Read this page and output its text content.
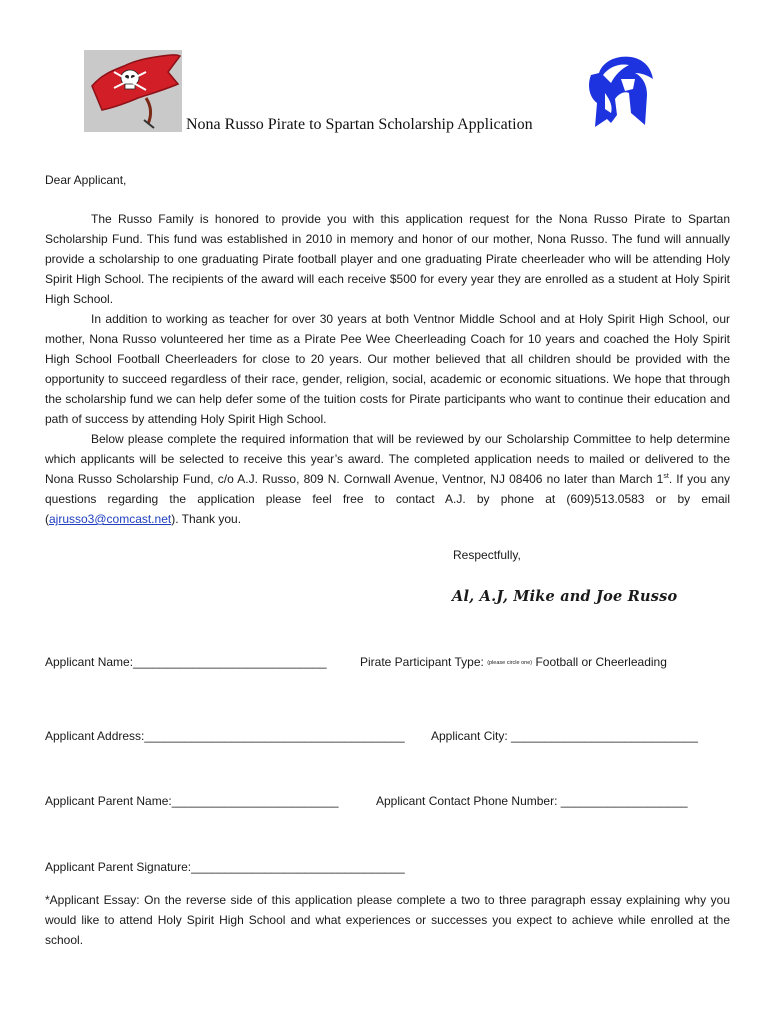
Nona Russo Pirate to Spartan Scholarship Application

Dear Applicant,

The Russo Family is honored to provide you with this application request for the Nona Russo Pirate to Spartan Scholarship Fund. This fund was established in 2010 in memory and honor of our mother, Nona Russo. The fund will annually provide a scholarship to one graduating Pirate football player and one graduating Pirate cheerleader who will be attending Holy Spirit High School. The recipients of the award will each receive $500 for every year they are enrolled as a student at Holy Spirit High School.

In addition to working as teacher for over 30 years at both Ventnor Middle School and at Holy Spirit High School, our mother, Nona Russo volunteered her time as a Pirate Pee Wee Cheerleading Coach for 10 years and coached the Holy Spirit High School Football Cheerleaders for close to 20 years. Our mother believed that all children should be provided with the opportunity to succeed regardless of their race, gender, religion, social, academic or economic situations. We hope that through the scholarship fund we can help defer some of the tuition costs for Pirate participants who want to continue their education and path of success by attending Holy Spirit High School.

Below please complete the required information that will be reviewed by our Scholarship Committee to help determine which applicants will be selected to receive this year’s award. The completed application needs to mailed or delivered to the Nona Russo Scholarship Fund, c/o A.J. Russo, 809 N. Cornwall Avenue, Ventnor, NJ 08406 no later than March 1st. If you any questions regarding the application please feel free to contact A.J. by phone at (609)513.0583 or by email (ajrusso3@comcast.net). Thank you.

Respectfully,
Al, A.J, Mike and Joe Russo
Applicant Name:_____________________________	Pirate Participant Type: (please circle one) Football or Cheerleading
Applicant Address:_______________________________________ Applicant City: ____________________________
Applicant Parent Name:_________________________	Applicant Contact Phone Number: ___________________
Applicant Parent Signature:________________________________
*Applicant Essay: On the reverse side of this application please complete a two to three paragraph essay explaining why you would like to attend Holy Spirit High School and what experiences or successes you expect to achieve while enrolled at the school.
